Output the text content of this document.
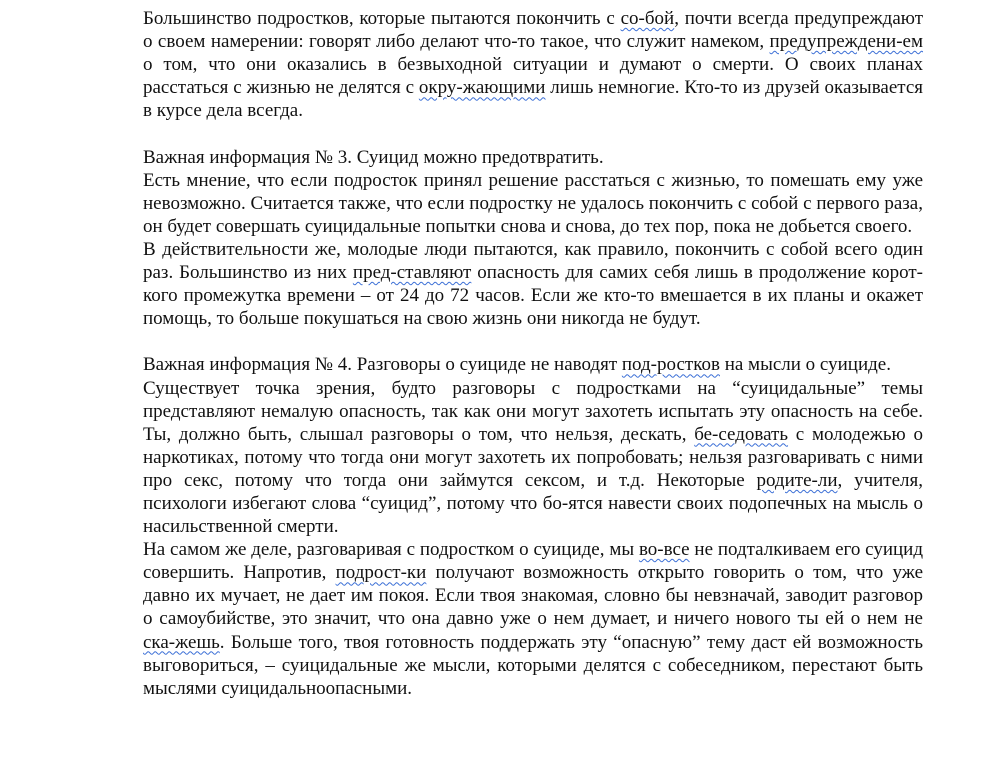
Большинство подростков, которые пытаются покончить с со-бой, почти всегда предупреждают о своем намерении: говорят либо делают что-то такое, что служит намеком, предупреждени-ем о том, что они оказались в безвыходной ситуации и думают о смерти. О своих планах расстаться с жизнью не делятся с окру-жающими лишь немногие. Кто-то из друзей оказывается в курсе дела всегда.

Важная информация № 3. Суицид можно предотвратить.

Есть мнение, что если подросток принял решение расстаться с жизнью, то помешать ему уже невозможно. Считается также, что если подростку не удалось покончить с собой с первого раза, он будет совершать суицидальные попытки снова и снова, до тех пор, пока не добьется своего.

В действительности же, молодые люди пытаются, как правило, покончить с собой всего один раз. Большинство из них пред-ставляют опасность для самих себя лишь в продолжение корот-кого промежутка времени – от 24 до 72 часов. Если же кто-то вмешается в их планы и окажет помощь, то больше покушаться на свою жизнь они никогда не будут.

Важная информация № 4. Разговоры о суициде не наводят под-ростков на мысли о суициде.

Существует точка зрения, будто разговоры с подростками на “суицидальные” темы представляют немалую опасность, так как они могут захотеть испытать эту опасность на себе. Ты, должно быть, слышал разговоры о том, что нельзя, дескать, бе-седовать с молодежью о наркотиках, потому что тогда они могут захотеть их попробовать; нельзя разговаривать с ними про секс, потому что тогда они займутся сексом, и т.д. Некоторые родите-ли, учителя, психологи избегают слова “суицид”, потому что бо-ятся навести своих подопечных на мысль о насильственной смерти.

На самом же деле, разговаривая с подростком о суициде, мы во-все не подталкиваем его суицид совершить. Напротив, подрост-ки получают возможность открыто говорить о том, что уже давно их мучает, не дает им покоя. Если твоя знакомая, словно бы невзначай, заводит разговор о самоубийстве, это значит, что она давно уже о нем думает, и ничего нового ты ей о нем не ска-жешь. Больше того, твоя готовность поддержать эту “опасную” тему даст ей возможность выговориться, – суицидальные же мысли, которыми делятся с собеседником, перестают быть мыслями суицидальноопасными.
